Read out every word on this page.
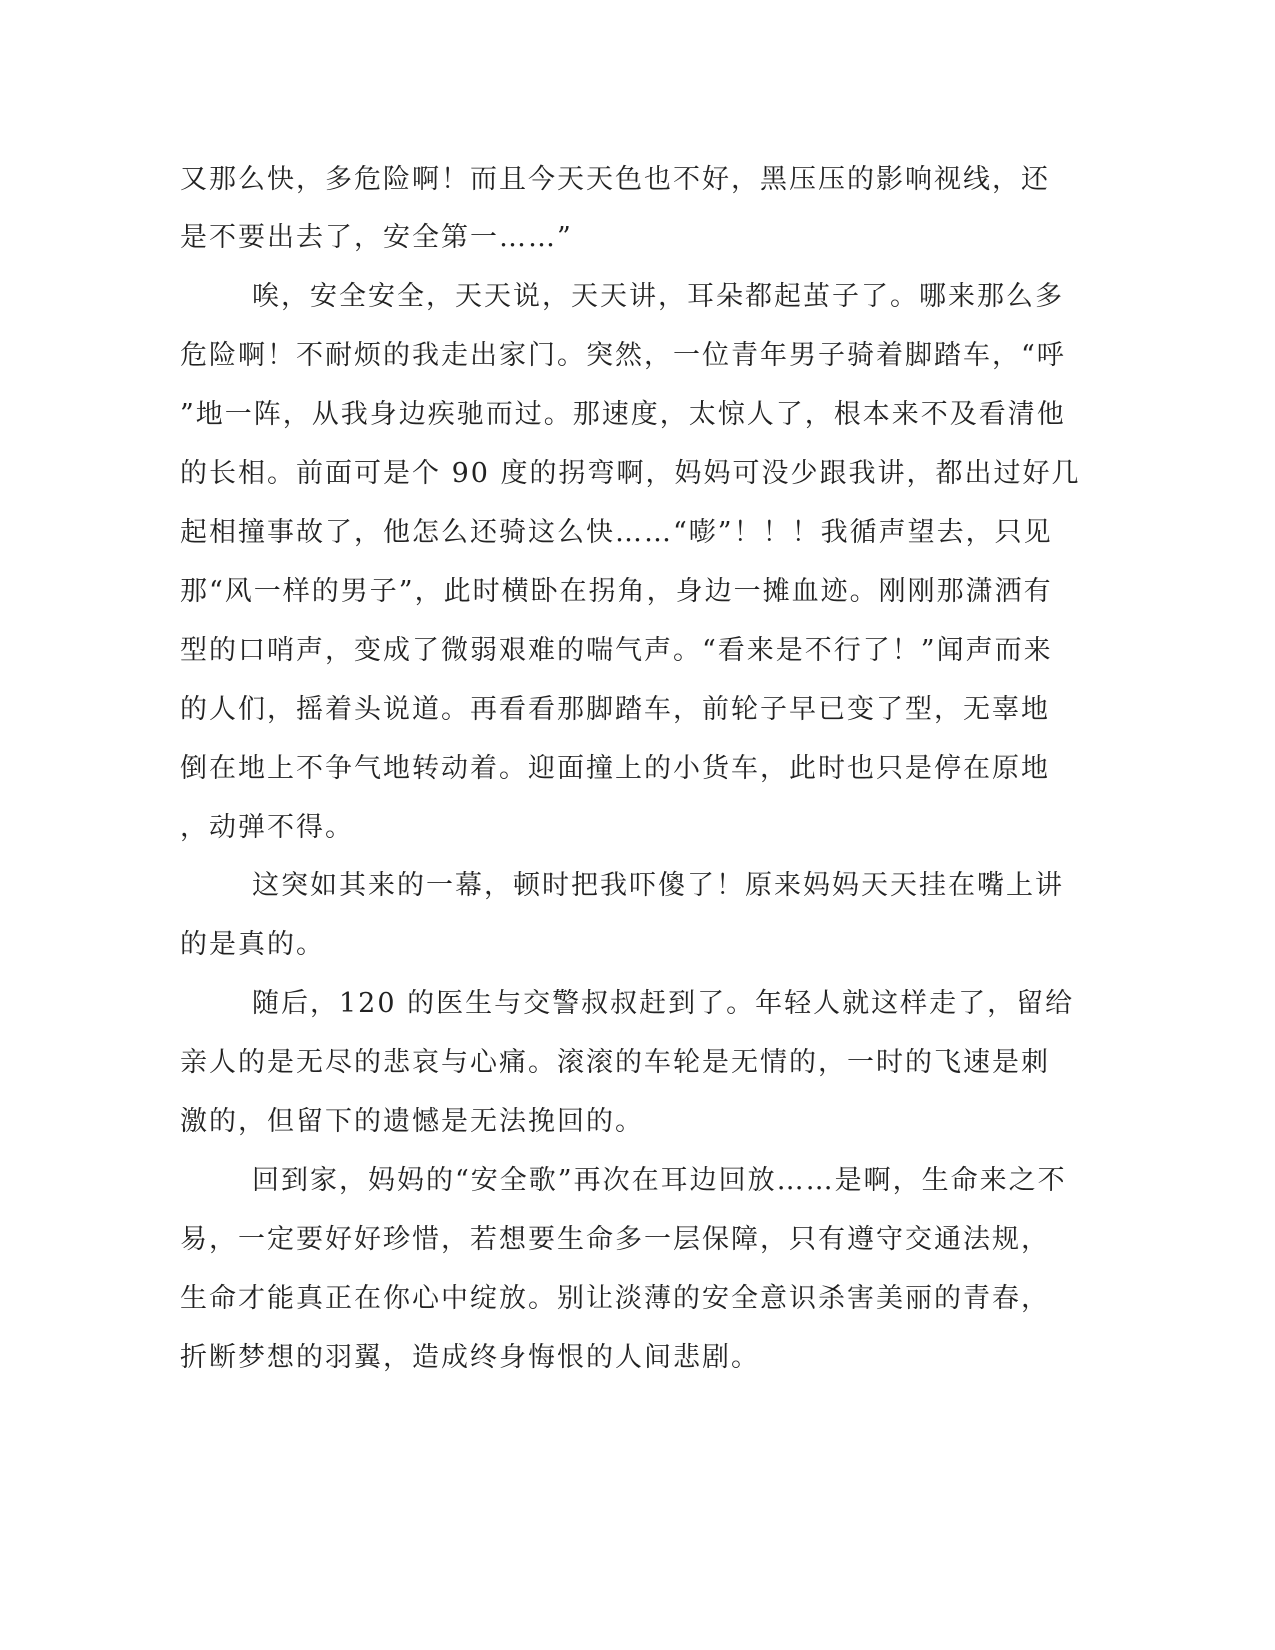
又那么快，多危险啊！而且今天天色也不好，黑压压的影响视线，还
是不要出去了，安全第一……”
唉，安全安全，天天说，天天讲，耳朵都起茧子了。哪来那么多
危险啊！不耐烦的我走出家门。突然，一位青年男子骑着脚踏车，“呼
”地一阵，从我身边疾驰而过。那速度，太惊人了，根本来不及看清他
的长相。前面可是个 90 度的拐弯啊，妈妈可没少跟我讲，都出过好几
起相撞事故了，他怎么还骑这么快……“嘭”！！！我循声望去，只见
那“风一样的男子”，此时横卧在拐角，身边一摊血迹。刚刚那潇洒有
型的口哨声，变成了微弱艰难的喘气声。“看来是不行了！”闻声而来
的人们，摇着头说道。再看看那脚踏车，前轮子早已变了型，无辜地
倒在地上不争气地转动着。迎面撞上的小货车，此时也只是停在原地
，动弹不得。
这突如其来的一幕，顿时把我吓傻了！原来妈妈天天挂在嘴上讲
的是真的。
随后，120 的医生与交警叔叔赶到了。年轻人就这样走了，留给
亲人的是无尽的悲哀与心痛。滚滚的车轮是无情的，一时的飞速是刺
激的，但留下的遗憾是无法挽回的。
回到家，妈妈的“安全歌”再次在耳边回放……是啊，生命来之不
易，一定要好好珍惜，若想要生命多一层保障，只有遵守交通法规，
生命才能真正在你心中绽放。别让淡薄的安全意识杀害美丽的青春，
折断梦想的羽翼，造成终身悔恨的人间悲剧。
